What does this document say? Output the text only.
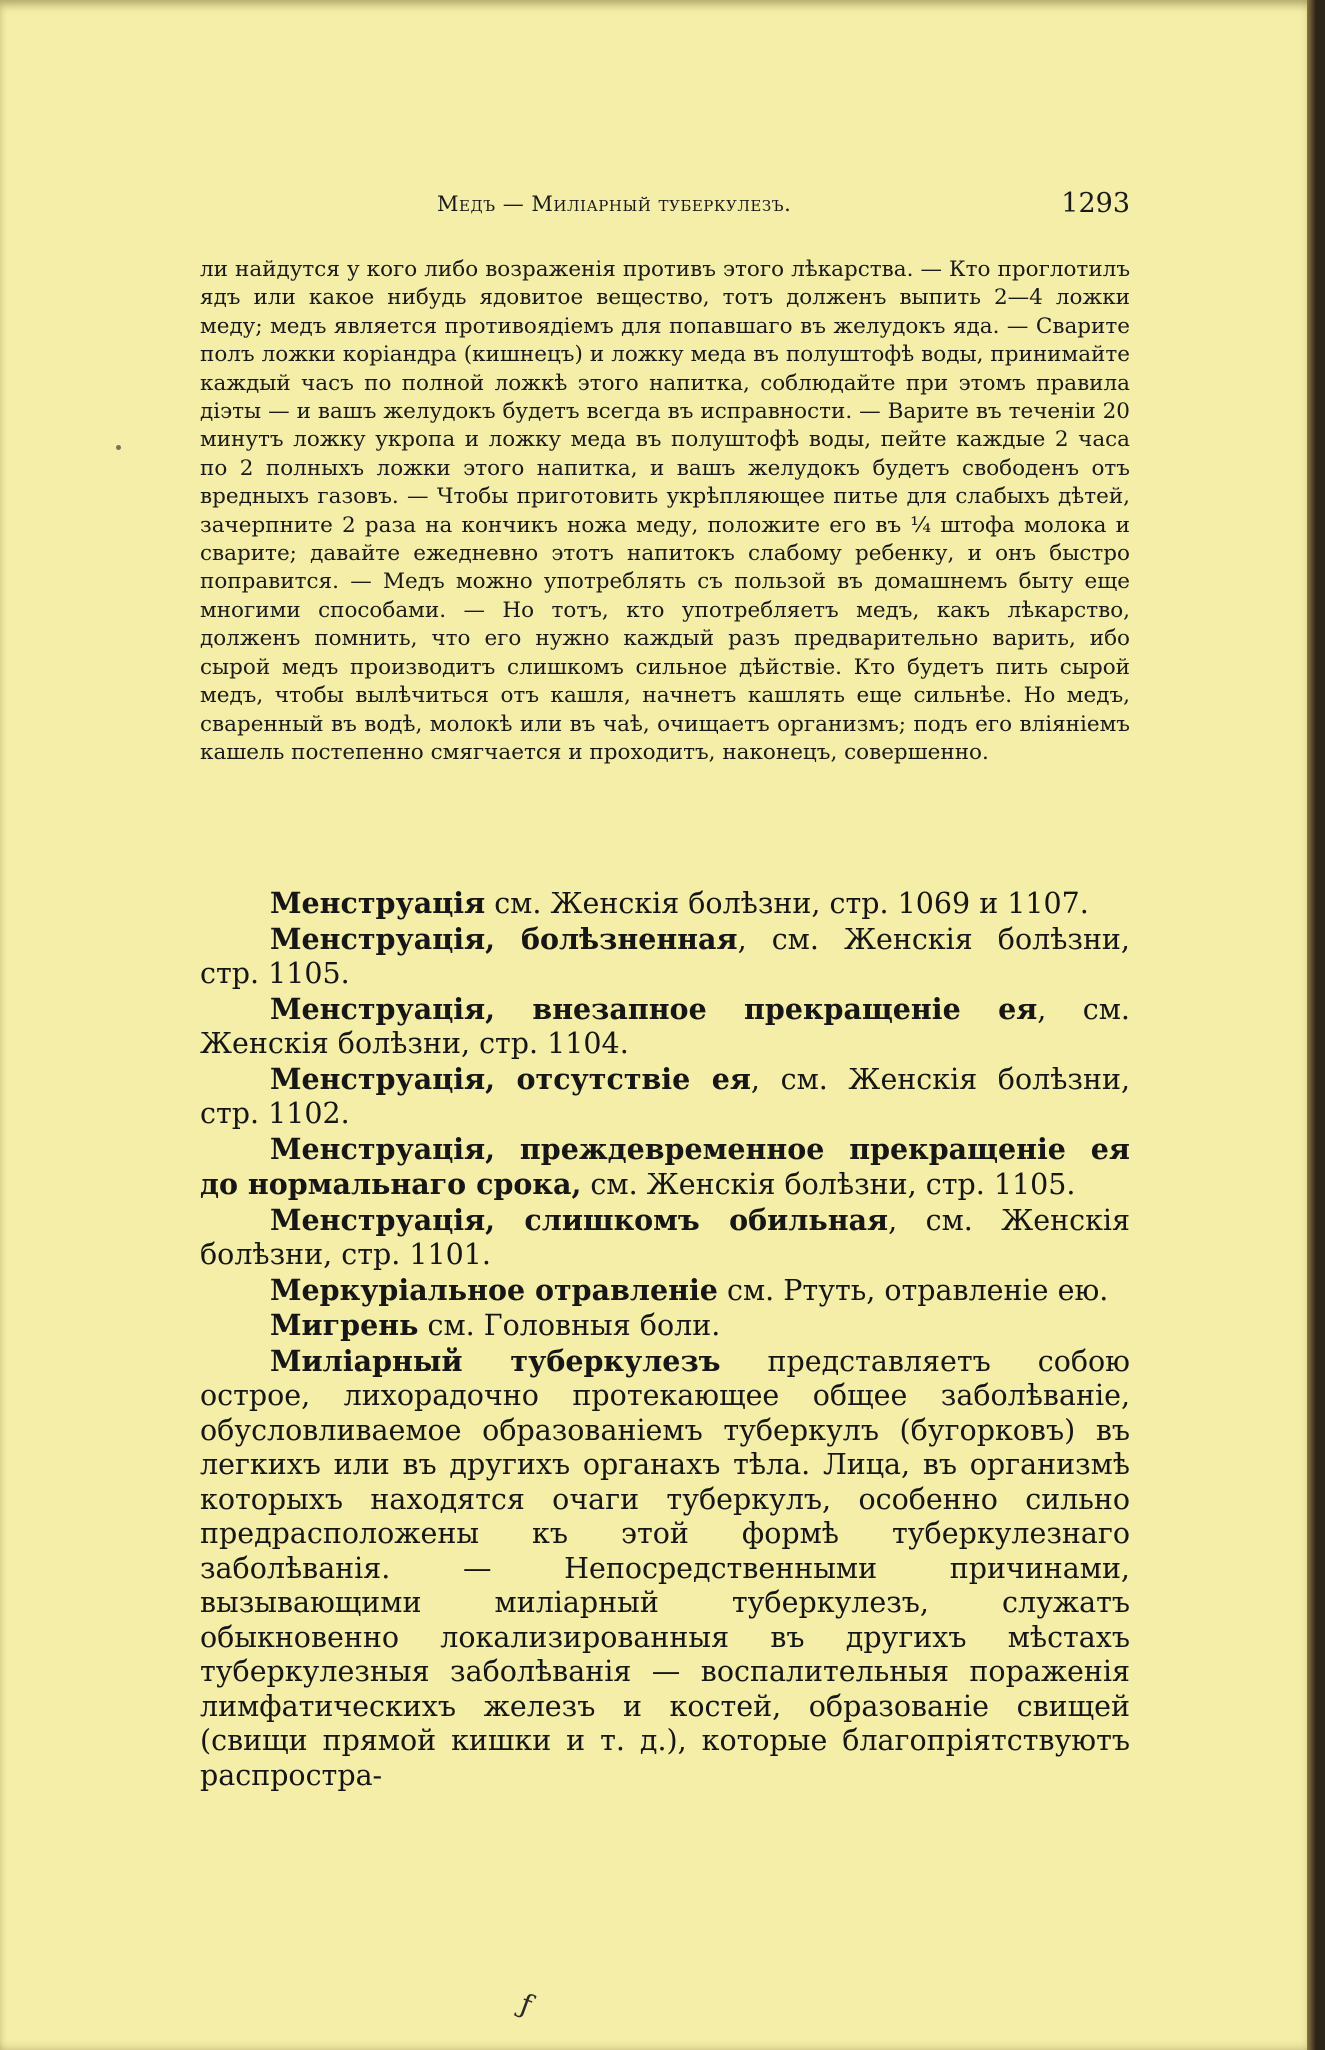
Медъ — Миліарный туберкулезъ.	1293

ли найдутся у кого либо возраженія противъ этого лѣкарства. — Кто проглотилъ ядъ или какое нибудь ядовитое вещество, тотъ долженъ выпить 2—4 ложки меду; медъ является противоядіемъ для попавшаго въ желудокъ яда. — Сварите полъ ложки коріандра (кишнецъ) и ложку меда въ полуштофѣ воды, принимайте каждый часъ по полной ложкѣ этого напитка, соблюдайте при этомъ правила діэты — и вашъ желудокъ будетъ всегда въ исправности. — Варите въ теченіи 20 минутъ ложку укропа и ложку меда въ полуштофѣ воды, пейте каждые 2 часа по 2 полныхъ ложки этого напитка, и вашъ желудокъ будетъ свободенъ отъ вредныхъ газовъ. — Чтобы приготовить укрѣпляющее питье для слабыхъ дѣтей, зачерпните 2 раза на кончикъ ножа меду, положите его въ ¼ штофа молока и сварите; давайте ежедневно этотъ напитокъ слабому ребенку, и онъ быстро поправится. — Медъ можно употреблять съ пользой въ домашнемъ быту еще многими способами. — Но тотъ, кто употребляетъ медъ, какъ лѣкарство, долженъ помнить, что его нужно каждый разъ предварительно варить, ибо сырой медъ производитъ слишкомъ сильное дѣйствіе. Кто будетъ пить сырой медъ, чтобы вылѣчиться отъ кашля, начнетъ кашлять еще сильнѣе. Но медъ, сваренный въ водѣ, молокѣ или въ чаѣ, очищаетъ организмъ; подъ его вліяніемъ кашель постепенно смягчается и проходитъ, наконецъ, совершенно.

Менструація см. Женскія болѣзни, стр. 1069 и 1107.

Менструація, болѣзненная, см. Женскія болѣзни, стр. 1105.

Менструація, внезапное прекращеніе ея, см. Женскія болѣзни, стр. 1104.

Менструація, отсутствіе ея, см. Женскія болѣзни, стр. 1102.

Менструація, преждевременное прекращеніе ея до нормальнаго срока, см. Женскія болѣзни, стр. 1105.

Менструація, слишкомъ обильная, см. Женскія болѣзни, стр. 1101.

Меркуріальное отравленіе см. Ртуть, отравленіе ею.

Мигрень см. Головныя боли.

Миліарный туберкулезъ представляетъ собою острое, лихорадочно протекающее общее заболѣваніе, обусловливаемое образованіемъ туберкулъ (бугорковъ) въ легкихъ или въ другихъ органахъ тѣла. Лица, въ организмѣ которыхъ находятся очаги туберкулъ, особенно сильно предрасположены къ этой формѣ туберкулезнаго заболѣванія. — Непосредственными причинами, вызывающими миліарный туберкулезъ, служатъ обыкновенно локализированныя въ другихъ мѣстахъ туберкулезныя заболѣванія — воспалительныя пораженія лимфатическихъ железъ и костей, образованіе свищей (свищи прямой кишки и т. д.), которые благопріятствуютъ распростра-

ƒ
